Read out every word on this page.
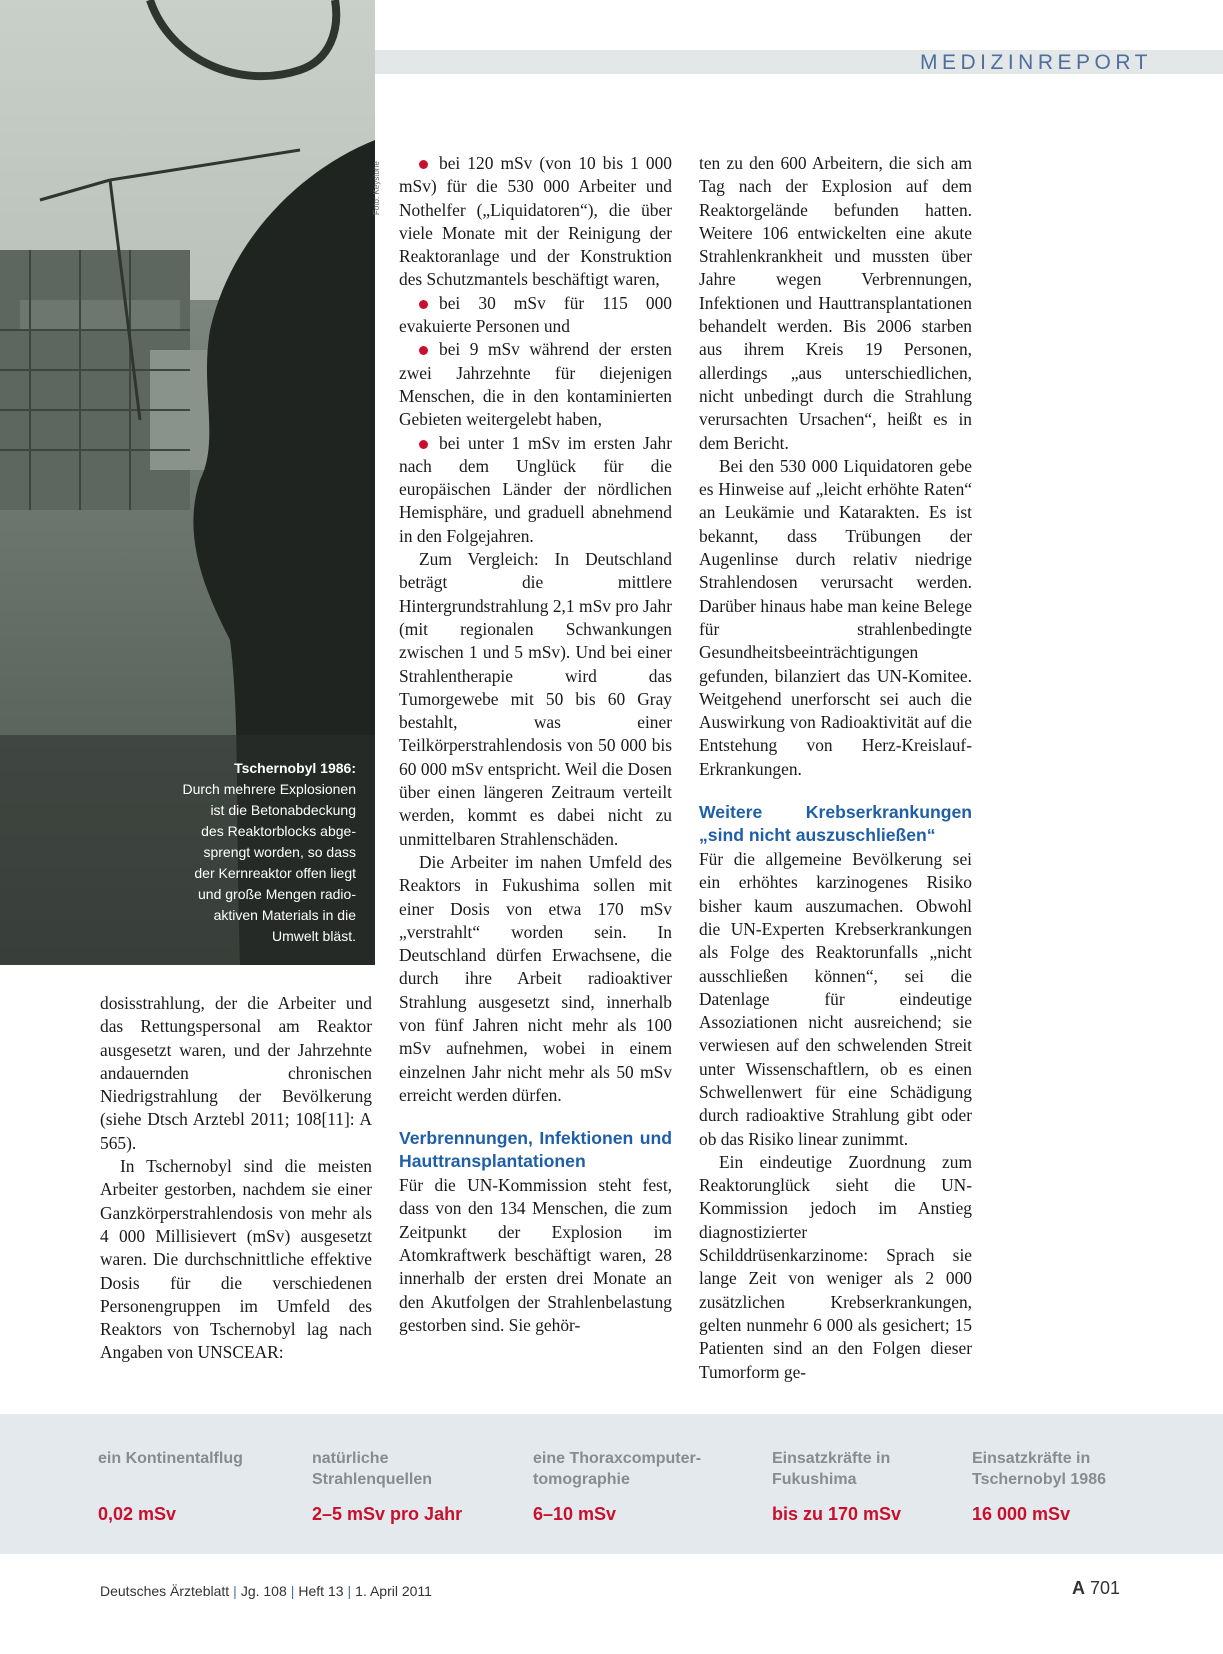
MEDIZINREPORT
Tschernobyl 1986:
Durch mehrere Explosionen
ist die Betonabdeckung
des Reaktorblocks abge-
sprengt worden, so dass
der Kernreaktor offen liegt
und große Mengen radio-
aktiven Materials in die
Umwelt bläst.
Foto: Keystone

dosisstrahlung, der die Arbeiter und das Rettungspersonal am Reaktor ausgesetzt waren, und der Jahrzehnte andauernden chronischen Niedrigstrahlung der Bevölkerung (siehe Dtsch Arztebl 2011; 108[11]: A 565).

In Tschernobyl sind die meisten Arbeiter gestorben, nachdem sie einer Ganzkörperstrahlendosis von mehr als 4 000 Millisievert (mSv) ausgesetzt waren. Die durchschnittliche effektive Dosis für die verschiedenen Personengruppen im Umfeld des Reaktors von Tschernobyl lag nach Angaben von UNSCEAR:

bei 120 mSv (von 10 bis 1 000 mSv) für die 530 000 Arbeiter und Nothelfer („Liquidatoren“), die über viele Monate mit der Reinigung der Reaktoranlage und der Konstruktion des Schutzmantels beschäftigt waren,

bei 30 mSv für 115 000 evakuierte Personen und

bei 9 mSv während der ersten zwei Jahrzehnte für diejenigen Menschen, die in den kontaminierten Gebieten weitergelebt haben,

bei unter 1 mSv im ersten Jahr nach dem Unglück für die europäischen Länder der nördlichen Hemisphäre, und graduell abnehmend in den Folgejahren.

Zum Vergleich: In Deutschland beträgt die mittlere Hintergrundstrahlung 2,1 mSv pro Jahr (mit regionalen Schwankungen zwischen 1 und 5 mSv). Und bei einer Strahlentherapie wird das Tumorgewebe mit 50 bis 60 Gray bestahlt, was einer Teilkörperstrahlendosis von 50 000 bis 60 000 mSv entspricht. Weil die Dosen über einen längeren Zeitraum verteilt werden, kommt es dabei nicht zu unmittelbaren Strahlenschäden.

Die Arbeiter im nahen Umfeld des Reaktors in Fukushima sollen mit einer Dosis von etwa 170 mSv „verstrahlt“ worden sein. In Deutschland dürfen Erwachsene, die durch ihre Arbeit radioaktiver Strahlung ausgesetzt sind, innerhalb von fünf Jahren nicht mehr als 100 mSv aufnehmen, wobei in einem einzelnen Jahr nicht mehr als 50 mSv erreicht werden dürfen.

Verbrennungen, Infektionen und Hauttransplantationen

Für die UN-Kommission steht fest, dass von den 134 Menschen, die zum Zeitpunkt der Explosion im Atomkraftwerk beschäftigt waren, 28 innerhalb der ersten drei Monate an den Akutfolgen der Strahlenbelastung gestorben sind. Sie gehör-

ten zu den 600 Arbeitern, die sich am Tag nach der Explosion auf dem Reaktorgelände befunden hatten. Weitere 106 entwickelten eine akute Strahlenkrankheit und mussten über Jahre wegen Verbrennungen, Infektionen und Hauttransplantationen behandelt werden. Bis 2006 starben aus ihrem Kreis 19 Personen, allerdings „aus unterschiedlichen, nicht unbedingt durch die Strahlung verursachten Ursachen“, heißt es in dem Bericht.

Bei den 530 000 Liquidatoren gebe es Hinweise auf „leicht erhöhte Raten“ an Leukämie und Katarakten. Es ist bekannt, dass Trübungen der Augenlinse durch relativ niedrige Strahlendosen verursacht werden. Darüber hinaus habe man keine Belege für strahlenbedingte Gesundheitsbeeinträchtigungen gefunden, bilanziert das UN-Komitee. Weitgehend unerforscht sei auch die Auswirkung von Radioaktivität auf die Entstehung von Herz-Kreislauf-Erkrankungen.

Weitere Krebserkrankungen „sind nicht auszuschließen“

Für die allgemeine Bevölkerung sei ein erhöhtes karzinogenes Risiko bisher kaum auszumachen. Obwohl die UN-Experten Krebserkrankungen als Folge des Reaktorunfalls „nicht ausschließen können“, sei die Datenlage für eindeutige Assoziationen nicht ausreichend; sie verwiesen auf den schwelenden Streit unter Wissenschaftlern, ob es einen Schwellenwert für eine Schädigung durch radioaktive Strahlung gibt oder ob das Risiko linear zunimmt.

Ein eindeutige Zuordnung zum Reaktorunglück sieht die UN-Kommission jedoch im Anstieg diagnostizierter Schilddrüsenkarzinome: Sprach sie lange Zeit von weniger als 2 000 zusätzlichen Krebserkrankungen, gelten nunmehr 6 000 als gesichert; 15 Patienten sind an den Folgen dieser Tumorform ge-

ein Kontinentalflug
0,02 mSv
natürliche
Strahlenquellen
2–5 mSv pro Jahr
eine Thoraxcomputer-
tomographie
6–10 mSv
Einsatzkräfte in
Fukushima
bis zu 170 mSv
Einsatzkräfte in
Tschernobyl 1986
16 000 mSv
Deutsches Ärzteblatt | Jg. 108 | Heft 13 | 1. April 2011	A 701
